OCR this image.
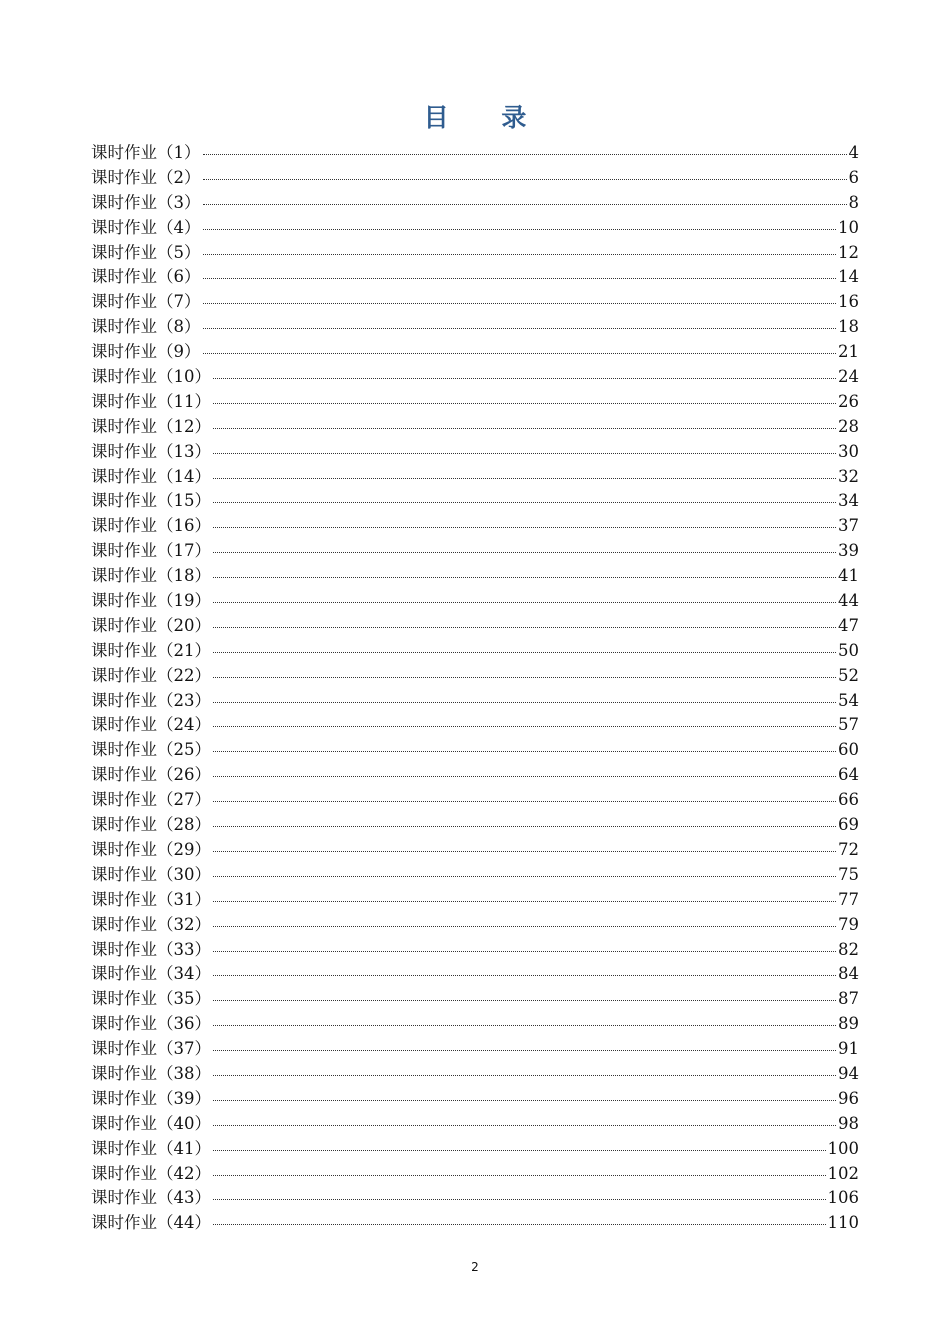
目 录
课时作业（1）	4
课时作业（2）	6
课时作业（3）	8
课时作业（4）	10
课时作业（5）	12
课时作业（6）	14
课时作业（7）	16
课时作业（8）	18
课时作业（9）	21
课时作业（10）	24
课时作业（11）	26
课时作业（12）	28
课时作业（13）	30
课时作业（14）	32
课时作业（15）	34
课时作业（16）	37
课时作业（17）	39
课时作业（18）	41
课时作业（19）	44
课时作业（20）	47
课时作业（21）	50
课时作业（22）	52
课时作业（23）	54
课时作业（24）	57
课时作业（25）	60
课时作业（26）	64
课时作业（27）	66
课时作业（28）	69
课时作业（29）	72
课时作业（30）	75
课时作业（31）	77
课时作业（32）	79
课时作业（33）	82
课时作业（34）	84
课时作业（35）	87
课时作业（36）	89
课时作业（37）	91
课时作业（38）	94
课时作业（39）	96
课时作业（40）	98
课时作业（41）	100
课时作业（42）	102
课时作业（43）	106
课时作业（44）	110
2
